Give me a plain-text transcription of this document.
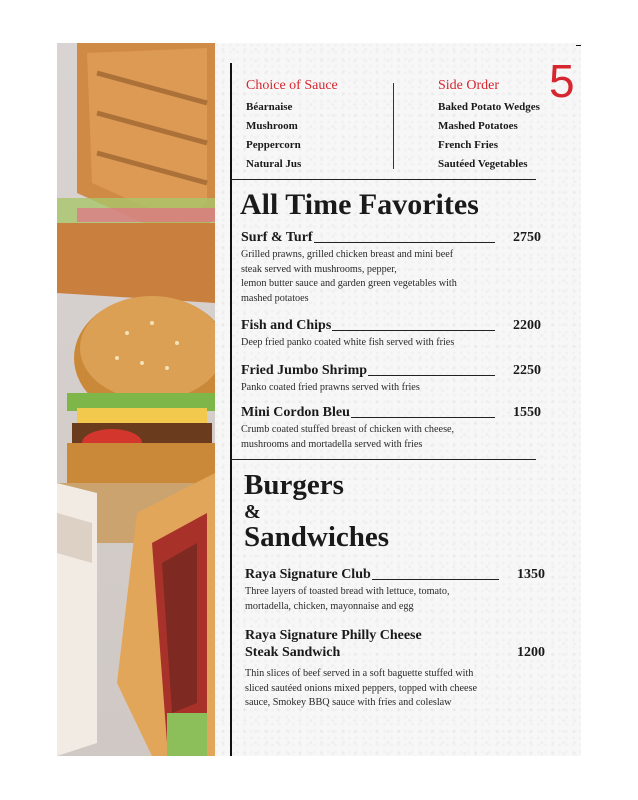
5
Choice of Sauce
Béarnaise
Mushroom
Peppercorn
Natural Jus
Side Order
Baked Potato Wedges
Mashed Potatoes
French Fries
Sautéed Vegetables
All Time Favorites
Surf & Turf	2750
Grilled prawns, grilled chicken breast and mini beef
steak served with mushrooms, pepper,
lemon butter sauce and garden green vegetables with
mashed potatoes
Fish and Chips	2200
Deep fried panko coated white fish served with fries
Fried Jumbo Shrimp	2250
Panko coated fried prawns served with fries
Mini Cordon Bleu	1550
Crumb coated stuffed breast of chicken with cheese,
mushrooms and mortadella served with fries
Burgers
&
Sandwiches
Raya Signature Club	1350
Three layers of toasted bread with lettuce, tomato,
mortadella, chicken, mayonnaise and egg
Raya Signature Philly Cheese
Steak Sandwich	1200
Thin slices of beef served in a soft baguette stuffed with
sliced sautéed onions mixed peppers, topped with cheese
sauce, Smokey BBQ sauce with fries and coleslaw
